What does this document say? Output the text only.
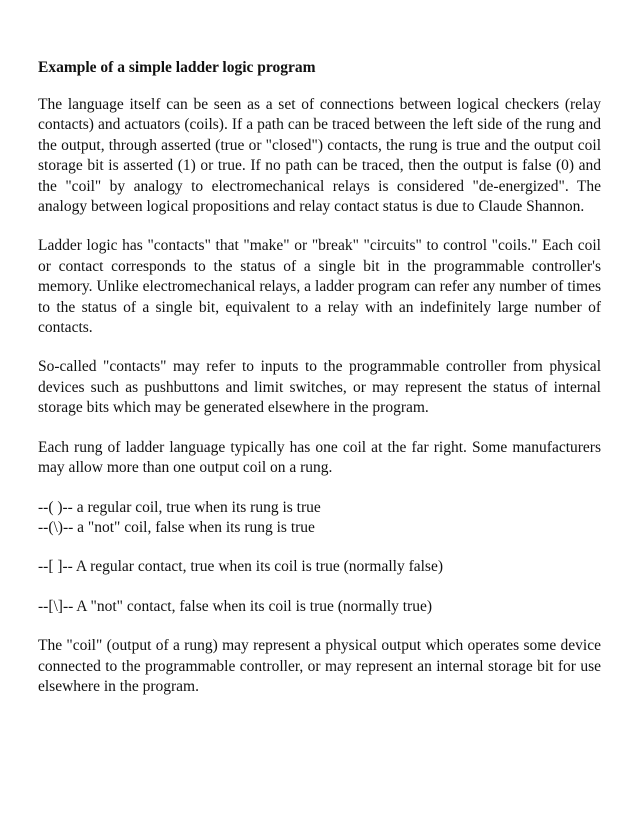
Example of a simple ladder logic program

The language itself can be seen as a set of connections between logical checkers (relay contacts) and actuators (coils). If a path can be traced between the left side of the rung and the output, through asserted (true or "closed") contacts, the rung is true and the output coil storage bit is asserted (1) or true. If no path can be traced, then the output is false (0) and the "coil" by analogy to electromechanical relays is considered "de-energized". The analogy between logical propositions and relay contact status is due to Claude Shannon.

Ladder logic has "contacts" that "make" or "break" "circuits" to control "coils." Each coil or contact corresponds to the status of a single bit in the programmable controller's memory. Unlike electromechanical relays, a ladder program can refer any number of times to the status of a single bit, equivalent to a relay with an indefinitely large number of contacts.

So-called "contacts" may refer to inputs to the programmable controller from physical devices such as pushbuttons and limit switches, or may represent the status of internal storage bits which may be generated elsewhere in the program.

Each rung of ladder language typically has one coil at the far right. Some manufacturers may allow more than one output coil on a rung.

--( )-- a regular coil, true when its rung is true

--(\)-- a "not" coil, false when its rung is true

--[ ]-- A regular contact, true when its coil is true (normally false)

--[\]-- A "not" contact, false when its coil is true (normally true)

The "coil" (output of a rung) may represent a physical output which operates some device connected to the programmable controller, or may represent an internal storage bit for use elsewhere in the program.
